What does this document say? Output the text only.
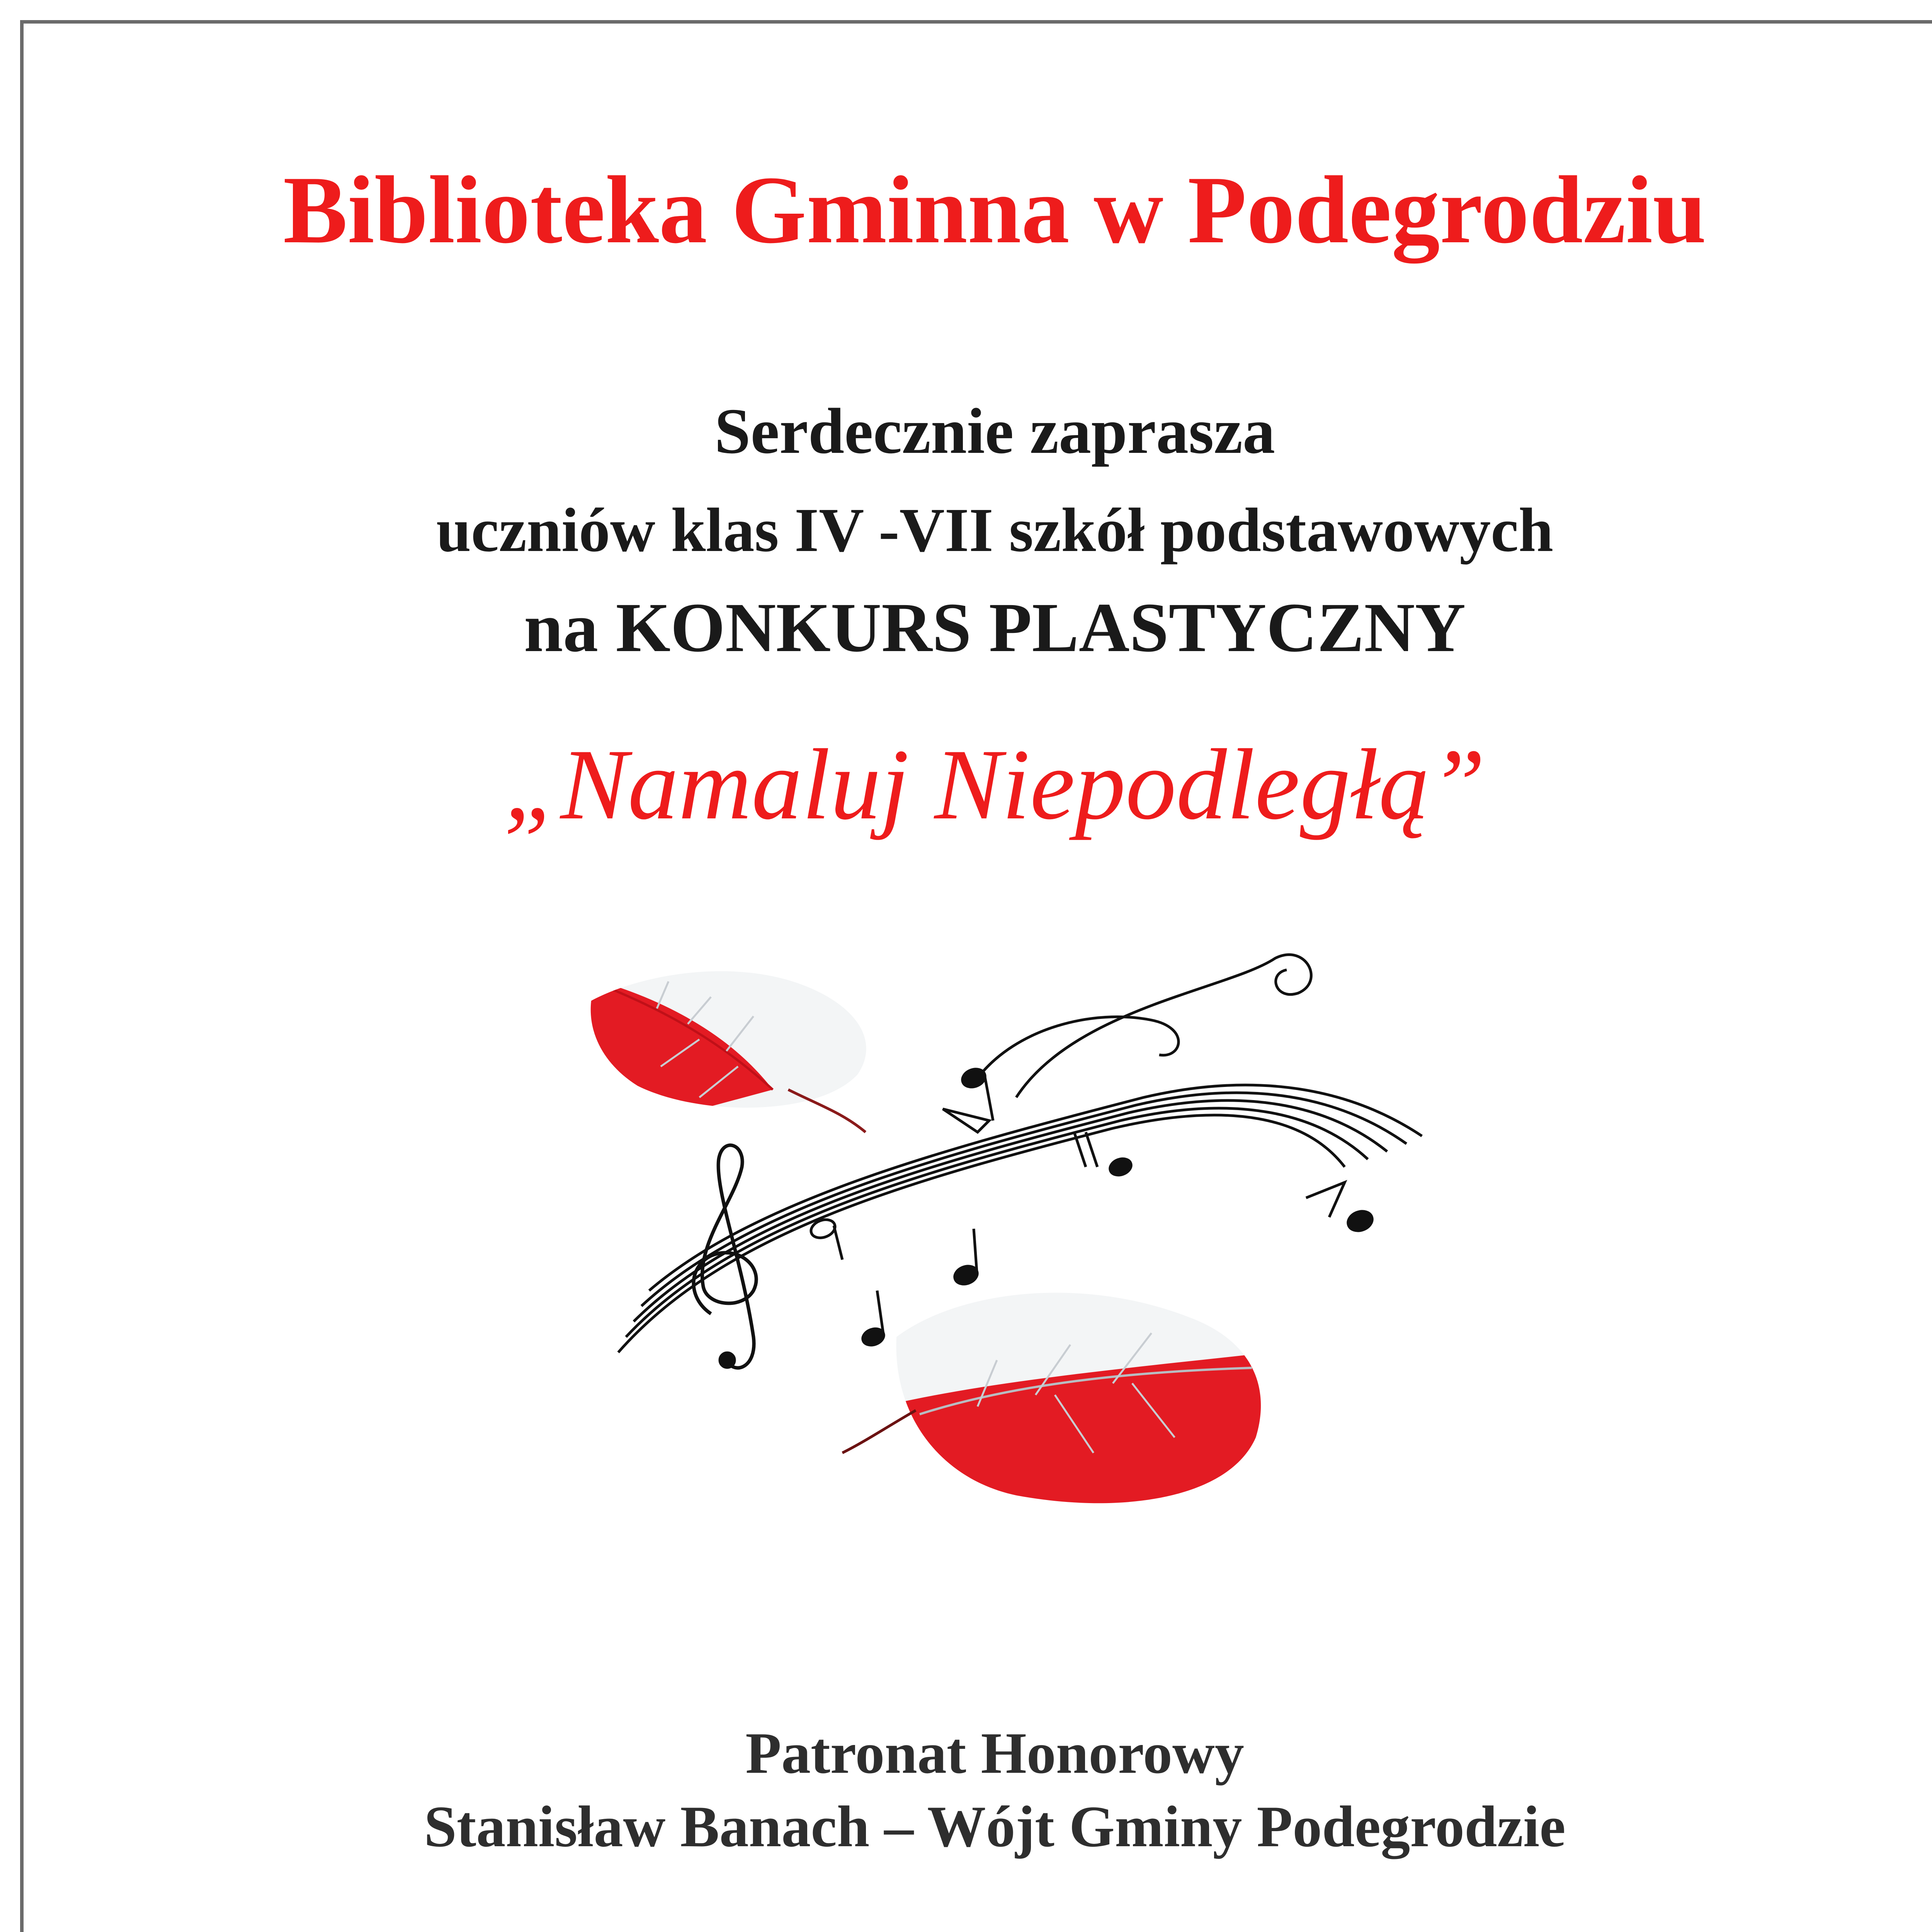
Biblioteka Gminna w Podegrodziu
Serdecznie zaprasza
uczniów klas IV -VII szkół podstawowych
na KONKURS PLASTYCZNY
„Namaluj Niepodległą”
Patronat Honorowy
Stanisław Banach – Wójt Gminy Podegrodzie
